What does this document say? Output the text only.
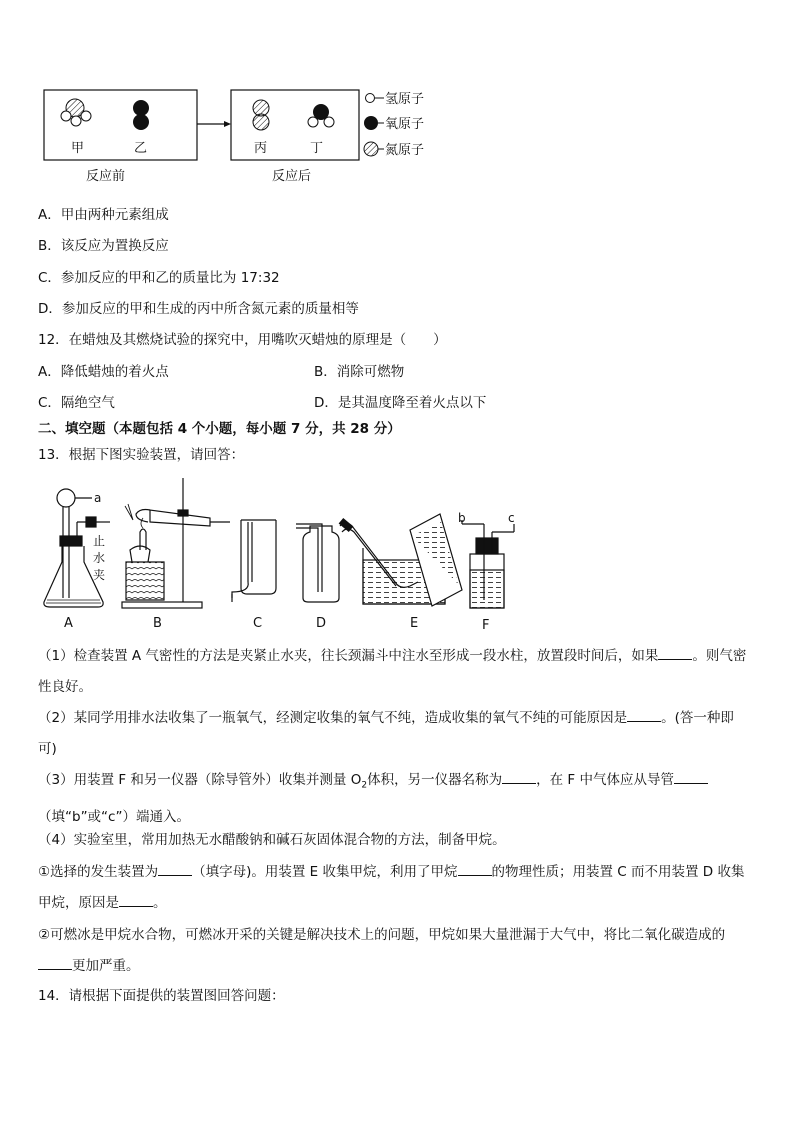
甲	乙
反应前
丙	丁
反应后
氢原子
氧原子
氮原子
A．甲由两种元素组成
B．该反应为置换反应
C．参加反应的甲和乙的质量比为 17:32
D．参加反应的甲和生成的丙中所含氮元素的质量相等
12．在蜡烛及其燃烧试验的探究中，用嘴吹灭蜡烛的原理是（　　）
A．降低蜡烛的着火点	B．消除可燃物
C．隔绝空气	D．是其温度降至着火点以下
二、填空题（本题包括 4 个小题，每小题 7 分，共 28 分）
13．根据下图实验装置，请回答：
a
止
水
夹
A	B	C	D	E
b	c
F
（1）检查装置 A 气密性的方法是夹紧止水夹，往长颈漏斗中注水至形成一段水柱，放置段时间后，如果	。则气密性良好。
（2）某同学用排水法收集了一瓶氧气，经测定收集的氧气不纯，造成收集的氧气不纯的可能原因是	。(答一种即可)
（3）用装置 F 和另一仪器（除导管外）收集并测量 $O_2$体积，另一仪器名称为	，在 F 中气体应从导管（填“b”或“c”）端通入。
（4）实验室里，常用加热无水醋酸钠和碱石灰固体混合物的方法，制备甲烷。
①选择的发生装置为	（填字母)。用装置 E 收集甲烷，利用了甲烷	的物理性质；用装置 C 而不用装置 D 收集甲烷，原因是	。
②可燃冰是甲烷水合物，可燃冰开采的关键是解决技术上的问题，甲烷如果大量泄漏于大气中，将比二氧化碳造成的更加严重。
14．请根据下面提供的装置图回答问题：
